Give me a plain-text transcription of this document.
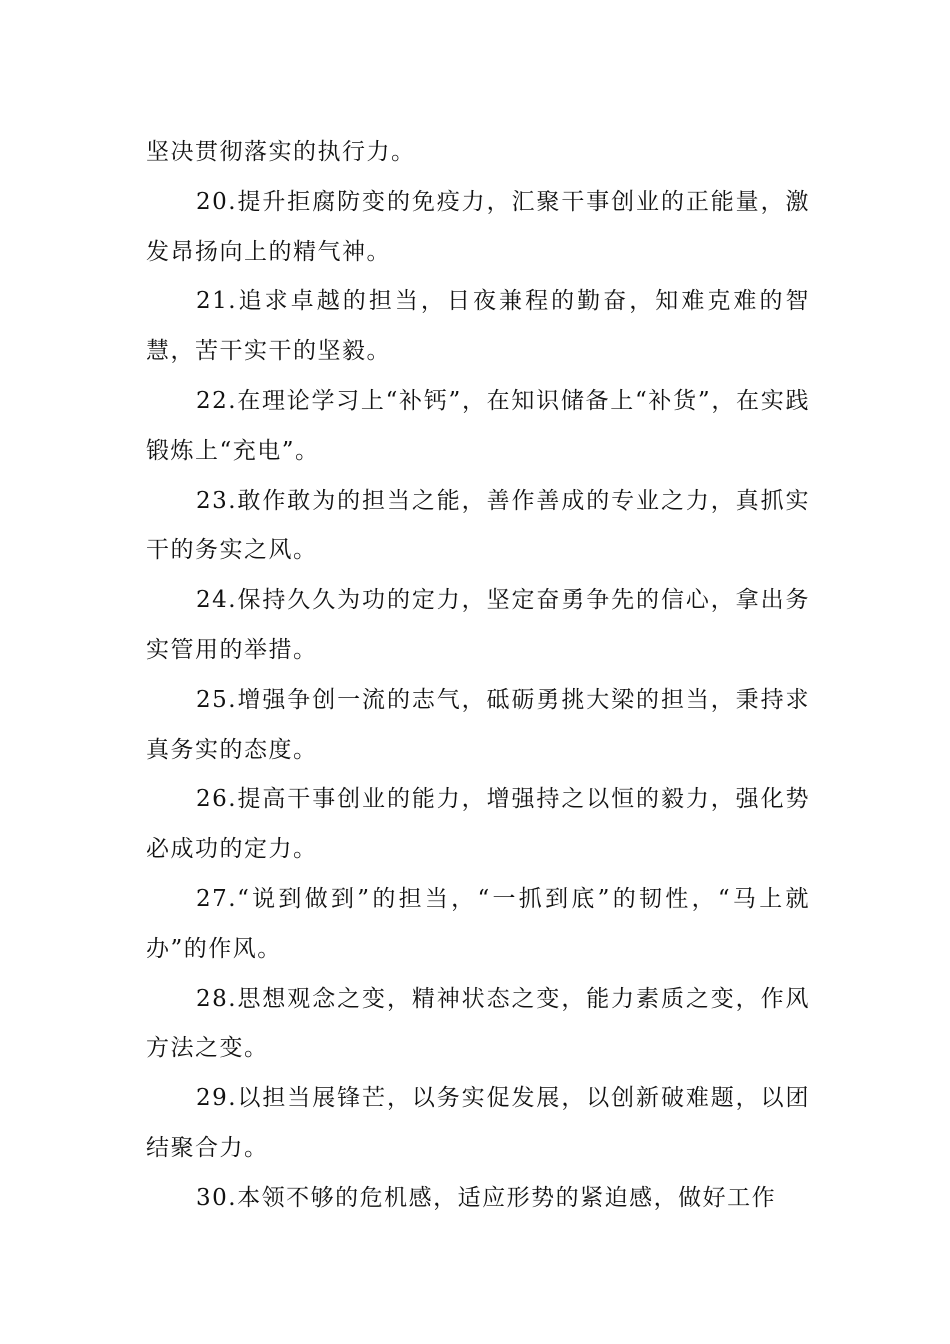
坚决贯彻落实的执行力。

20.提升拒腐防变的免疫力，汇聚干事创业的正能量，激发昂扬向上的精气神。

21.追求卓越的担当，日夜兼程的勤奋，知难克难的智慧，苦干实干的坚毅。

22.在理论学习上“补钙”，在知识储备上“补货”，在实践锻炼上“充电”。

23.敢作敢为的担当之能，善作善成的专业之力，真抓实干的务实之风。

24.保持久久为功的定力，坚定奋勇争先的信心，拿出务实管用的举措。

25.增强争创一流的志气，砥砺勇挑大梁的担当，秉持求真务实的态度。

26.提高干事创业的能力，增强持之以恒的毅力，强化势必成功的定力。

27.“说到做到”的担当，“一抓到底”的韧性，“马上就办”的作风。

28.思想观念之变，精神状态之变，能力素质之变，作风方法之变。

29.以担当展锋芒，以务实促发展，以创新破难题，以团结聚合力。

30.本领不够的危机感，适应形势的紧迫感，做好工作
